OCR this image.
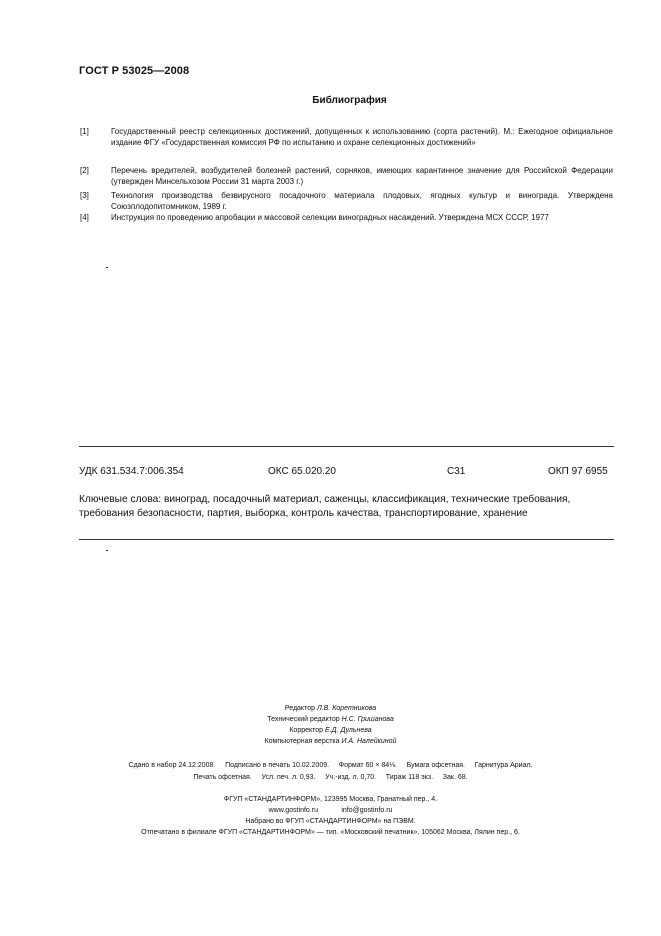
ГОСТ Р 53025—2008
Библиография
[1]	Государственный реестр селекционных достижений, допущенных к использованию (сорта растений). М.: Ежегодное официальное издание ФГУ «Государственная комиссия РФ по испытанию и охране селекционных достижений»
[2]	Перечень вредителей, возбудителей болезней растений, сорняков, имеющих карантинное значение для Российской Федерации (утвержден Минсельхозом России 31 марта 2003 г.)
[3]	Технология производства безвирусного посадочного материала плодовых, ягодных культур и винограда. Утверждена Союзплодопитомником, 1989 г.
[4]	Инструкция по проведению апробации и массовой селекции виноградных насаждений. Утверждена МСХ СССР, 1977
УДК 631.534.7:006.354	ОКС 65.020.20	С31	ОКП 97 6955
Ключевые слова: виноград, посадочный материал, саженцы, классификация, технические требования, требования безопасности, партия, выборка, контроль качества, транспортирование, хранение
Редактор Л.В. Коретникова
Технический редактор Н.С. Гришанова
Корректор Е.Д. Дульнева
Компьютерная верстка И.А. Налейкиной
Сдано в набор 24.12.2008.     Подписано в печать 10.02.2009.     Формат 60 × 84⅛.     Бумага офсетная.     Гарнитура Ариал.
Печать офсетная.     Усл. печ. л. 0,93.     Уч.-изд. л. 0,70.     Тираж 118 экз.     Зак. 68.
ФГУП «СТАНДАРТИНФОРМ», 123995 Москва, Гранатный пер., 4.
www.gostinfo.ru	info@gostinfo.ru
Набрано во ФГУП «СТАНДАРТИНФОРМ» на ПЭВМ.
Отпечатано в филиале ФГУП «СТАНДАРТИНФОРМ» — тип. «Московский печатник», 105062 Москва, Лялин пер., 6.
